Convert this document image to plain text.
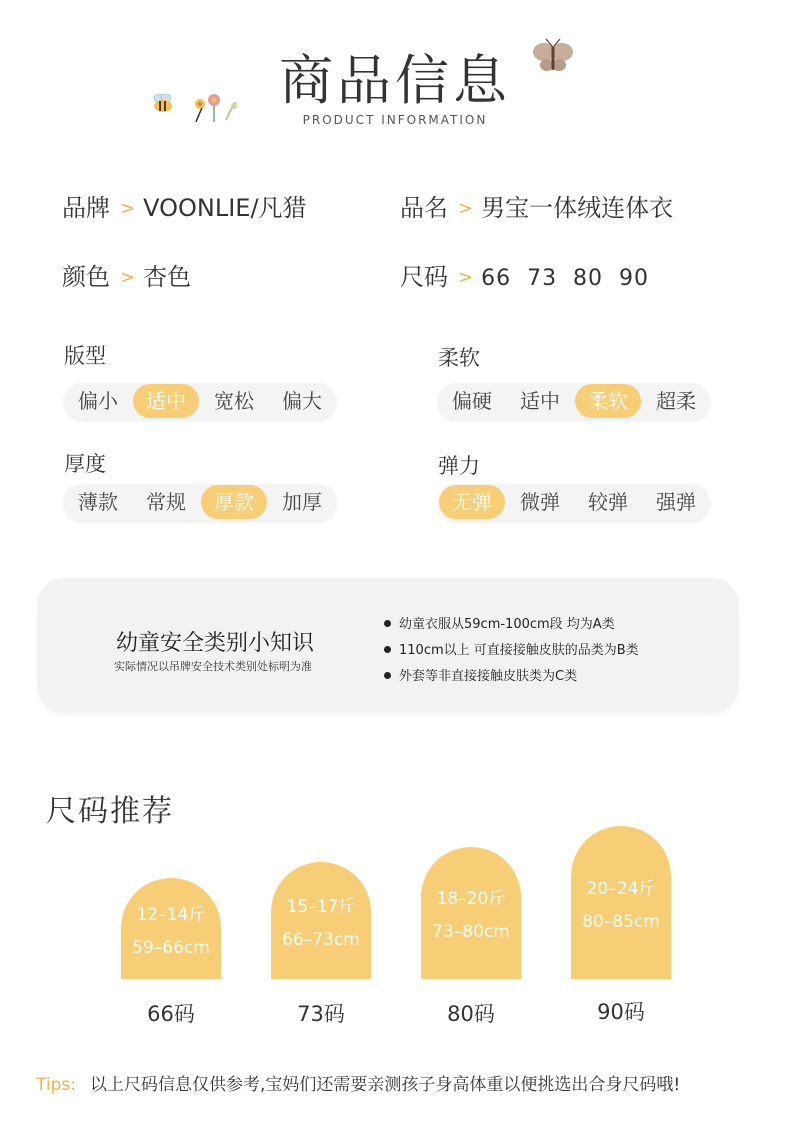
商品信息
PRODUCT INFORMATION
品牌 > VOONLIE/凡猎	品名 > 男宝一体绒连体衣
颜色 > 杏色	尺码 > 66  73  80  90
版型
偏小	适中	宽松	偏大
柔软
偏硬	适中	柔软	超柔
厚度
薄款	常规	厚款	加厚
弹力
无弹	微弹	较弹	强弹
幼童安全类别小知识
实际情况以吊牌安全技术类别处标明为准
幼童衣服从59cm-100cm段 均为A类
110cm以上 可直接接触皮肤的品类为B类
外套等非直接接触皮肤类为C类
尺码推荐
12–14斤
59–66cm
66码
15–17斤
66–73cm
73码
18–20斤
73–80cm
80码
20–24斤
80–85cm
90码
Tips: 以上尺码信息仅供参考,宝妈们还需要亲测孩子身高体重以便挑选出合身尺码哦!
